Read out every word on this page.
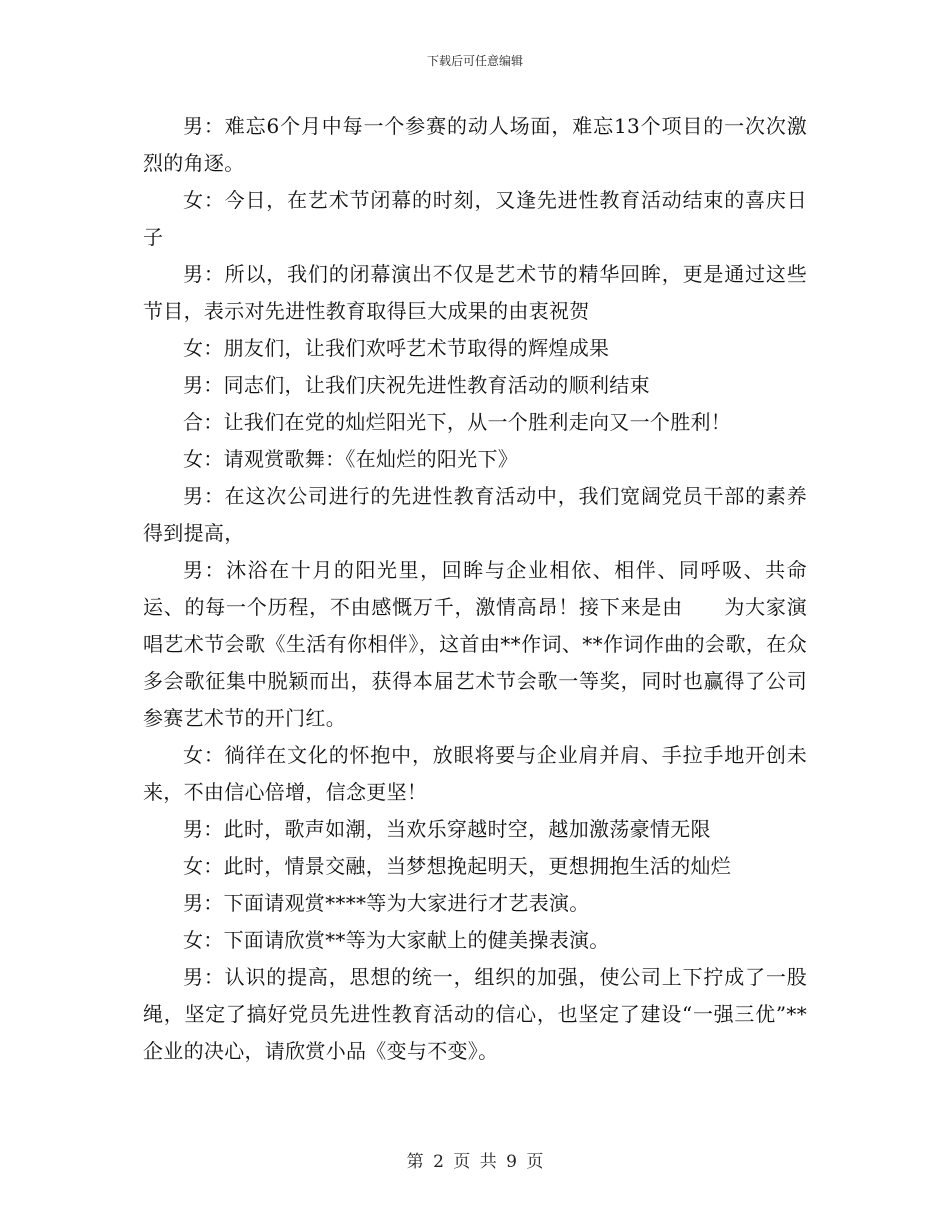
下载后可任意编辑

男：难忘6个月中每一个参赛的动人场面，难忘13个项目的一次次激烈的角逐。

女：今日，在艺术节闭幕的时刻，又逢先进性教育活动结束的喜庆日子

男：所以，我们的闭幕演出不仅是艺术节的精华回眸，更是通过这些节目，表示对先进性教育取得巨大成果的由衷祝贺

女：朋友们，让我们欢呼艺术节取得的辉煌成果

男：同志们，让我们庆祝先进性教育活动的顺利结束

合：让我们在党的灿烂阳光下，从一个胜利走向又一个胜利！

女：请观赏歌舞：《在灿烂的阳光下》

男：在这次公司进行的先进性教育活动中，我们宽阔党员干部的素养得到提高，

男：沐浴在十月的阳光里，回眸与企业相依、相伴、同呼吸、共命运、的每一个历程，不由感慨万千，激情高昂！接下来是由　　为大家演唱艺术节会歌《生活有你相伴》，这首由**作词、**作词作曲的会歌，在众多会歌征集中脱颖而出，获得本届艺术节会歌一等奖，同时也赢得了公司参赛艺术节的开门红。

女：徜徉在文化的怀抱中，放眼将要与企业肩并肩、手拉手地开创未来，不由信心倍增，信念更坚！

男：此时，歌声如潮，当欢乐穿越时空，越加激荡豪情无限

女：此时，情景交融，当梦想挽起明天，更想拥抱生活的灿烂

男：下面请观赏****等为大家进行才艺表演。

女：下面请欣赏**等为大家献上的健美操表演。

男：认识的提高，思想的统一，组织的加强，使公司上下拧成了一股绳，坚定了搞好党员先进性教育活动的信心，也坚定了建设“一强三优”**企业的决心，请欣赏小品《变与不变》。

第 2 页 共 9 页
